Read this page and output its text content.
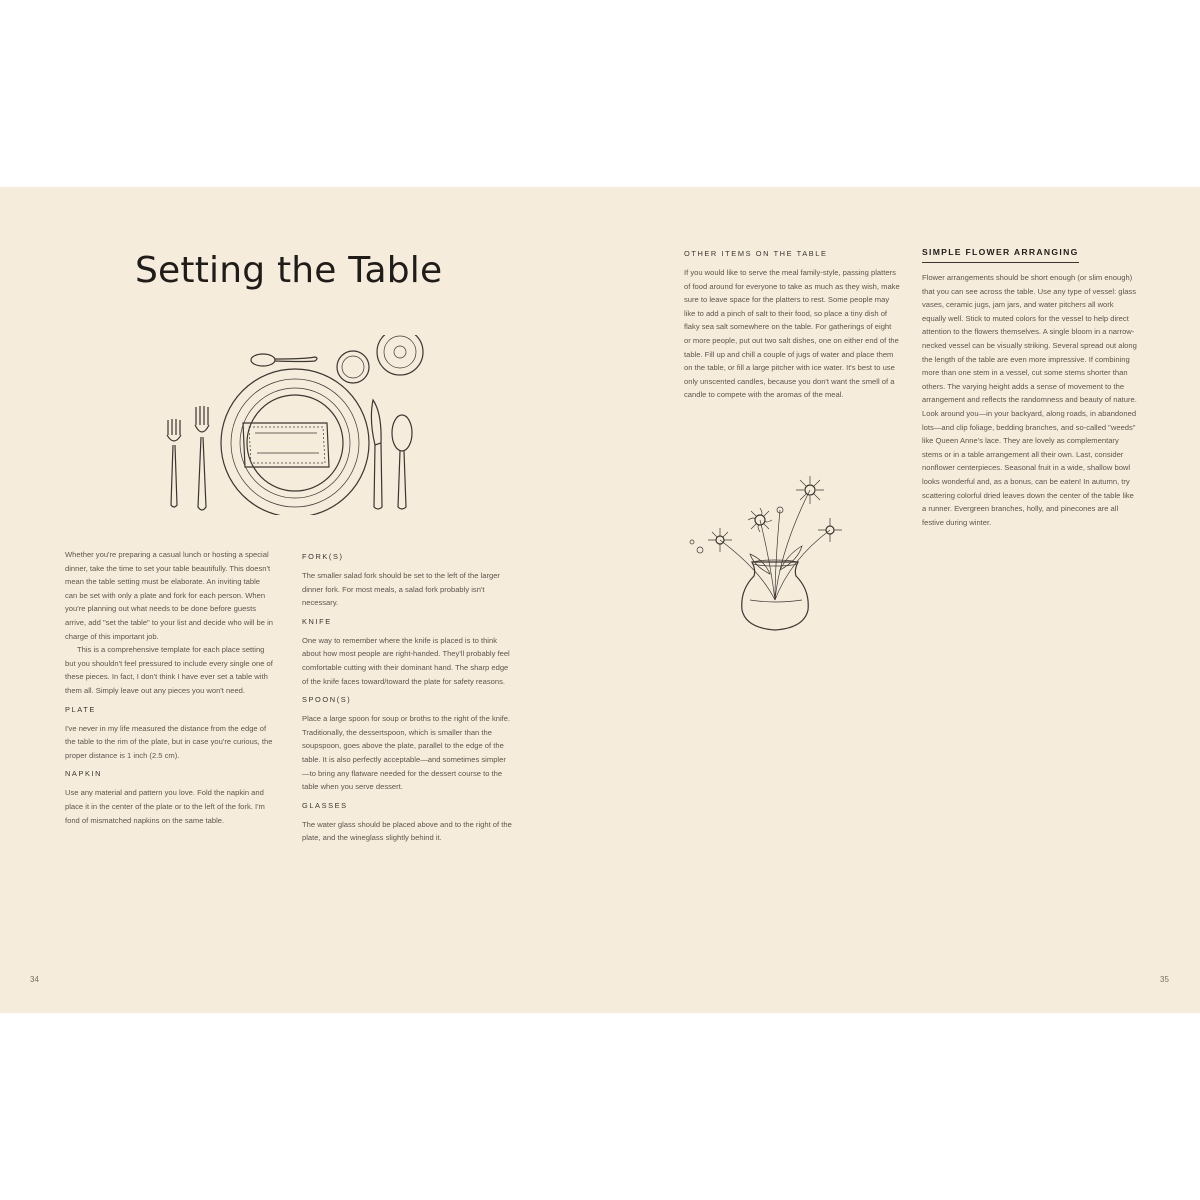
Setting the Table

Whether you're preparing a casual lunch or hosting a special dinner, take the time to set your table beautifully. This doesn't mean the table setting must be elaborate. An inviting table can be set with only a plate and fork for each person. When you're planning out what needs to be done before guests arrive, add "set the table" to your list and decide who will be in charge of this important job.

This is a comprehensive template for each place setting but you shouldn't feel pressured to include every single one of these pieces. In fact, I don't think I have ever set a table with them all. Simply leave out any pieces you won't need.

PLATE

I've never in my life measured the distance from the edge of the table to the rim of the plate, but in case you're curious, the proper distance is 1 inch (2.5 cm).

NAPKIN

Use any material and pattern you love. Fold the napkin and place it in the center of the plate or to the left of the fork. I'm fond of mismatched napkins on the same table.

FORK(S)

The smaller salad fork should be set to the left of the larger dinner fork. For most meals, a salad fork probably isn't necessary.

KNIFE

One way to remember where the knife is placed is to think about how most people are right-handed. They'll probably feel comfortable cutting with their dominant hand. The sharp edge of the knife faces toward/toward the plate for safety reasons.

SPOON(S)

Place a large spoon for soup or broths to the right of the knife. Traditionally, the dessertspoon, which is smaller than the soupspoon, goes above the plate, parallel to the edge of the table. It is also perfectly acceptable—and sometimes simpler—to bring any flatware needed for the dessert course to the table when you serve dessert.

GLASSES

The water glass should be placed above and to the right of the plate, and the wineglass slightly behind it.

OTHER ITEMS ON THE TABLE

If you would like to serve the meal family-style, passing platters of food around for everyone to take as much as they wish, make sure to leave space for the platters to rest. Some people may like to add a pinch of salt to their food, so place a tiny dish of flaky sea salt somewhere on the table. For gatherings of eight or more people, put out two salt dishes, one on either end of the table. Fill up and chill a couple of jugs of water and place them on the table, or fill a large pitcher with ice water. It's best to use only unscented candles, because you don't want the smell of a candle to compete with the aromas of the meal.

SIMPLE FLOWER ARRANGING

Flower arrangements should be short enough (or slim enough) that you can see across the table. Use any type of vessel: glass vases, ceramic jugs, jam jars, and water pitchers all work equally well. Stick to muted colors for the vessel to help direct attention to the flowers themselves. A single bloom in a narrow-necked vessel can be visually striking. Several spread out along the length of the table are even more impressive. If combining more than one stem in a vessel, cut some stems shorter than others. The varying height adds a sense of movement to the arrangement and reflects the randomness and beauty of nature. Look around you—in your backyard, along roads, in abandoned lots—and clip foliage, bedding branches, and so-called "weeds" like Queen Anne's lace. They are lovely as complementary stems or in a table arrangement all their own. Last, consider nonflower centerpieces. Seasonal fruit in a wide, shallow bowl looks wonderful and, as a bonus, can be eaten! In autumn, try scattering colorful dried leaves down the center of the table like a runner. Evergreen branches, holly, and pinecones are all festive during winter.

34	35
